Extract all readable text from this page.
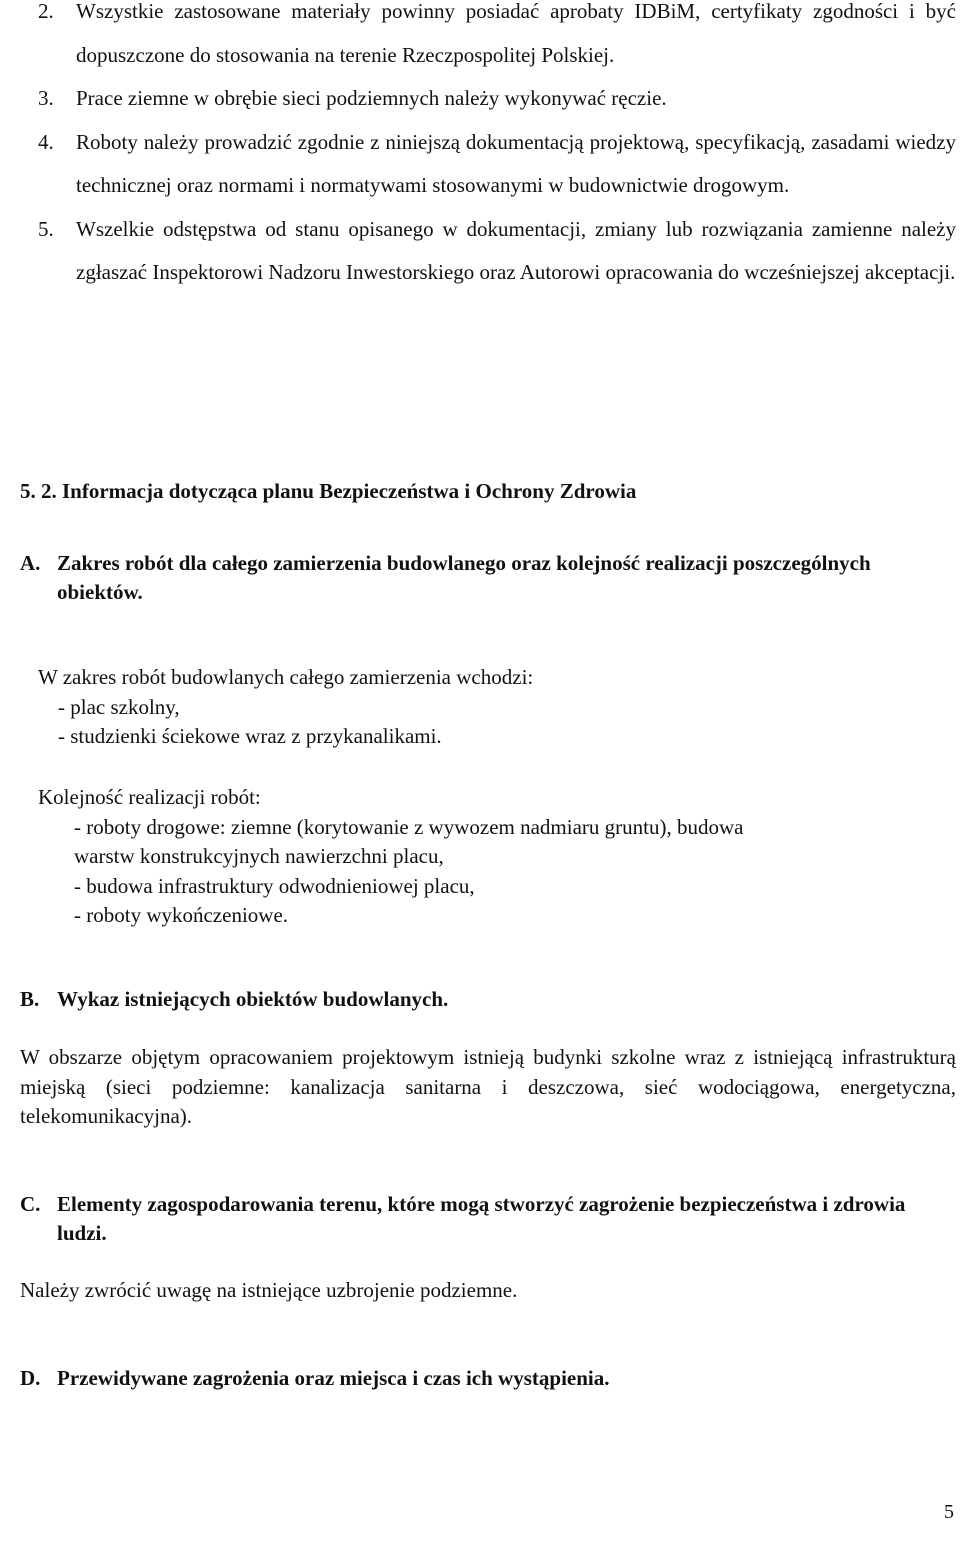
2. Wszystkie zastosowane materiały powinny posiadać aprobaty IDBiM, certyfikaty zgodności i być dopuszczone do stosowania na terenie Rzeczpospolitej Polskiej.
3. Prace ziemne w obrębie sieci podziemnych należy wykonywać ręczie.
4. Roboty należy prowadzić zgodnie z niniejszą dokumentacją projektową, specyfikacją, zasadami wiedzy technicznej oraz normami i normatywami stosowanymi w budownictwie drogowym.
5. Wszelkie odstępstwa od stanu opisanego w dokumentacji, zmiany lub rozwiązania zamienne należy zgłaszać Inspektorowi Nadzoru Inwestorskiego oraz Autorowi opracowania do wcześniejszej akceptacji.
5. 2. Informacja dotycząca planu Bezpieczeństwa i Ochrony Zdrowia
A. Zakres robót dla całego zamierzenia budowlanego oraz kolejność realizacji poszczególnych obiektów.
W zakres robót budowlanych całego zamierzenia wchodzi:
- plac szkolny,
- studzienki ściekowe wraz z przykanalikami.
Kolejność realizacji robót:
- roboty drogowe: ziemne (korytowanie z wywozem nadmiaru gruntu), budowa
warstw konstrukcyjnych nawierzchni placu,
- budowa infrastruktury odwodnieniowej placu,
- roboty wykończeniowe.
B. Wykaz istniejących obiektów budowlanych.

W obszarze objętym opracowaniem projektowym istnieją budynki szkolne wraz z istniejącą infrastrukturą miejską (sieci podziemne: kanalizacja sanitarna i deszczowa, sieć wodociągowa, energetyczna, telekomunikacyjna).

C. Elementy zagospodarowania terenu, które mogą stworzyć zagrożenie bezpieczeństwa i zdrowia ludzi.

Należy zwrócić uwagę na istniejące uzbrojenie podziemne.

D. Przewidywane zagrożenia oraz miejsca i czas ich wystąpienia.
5
